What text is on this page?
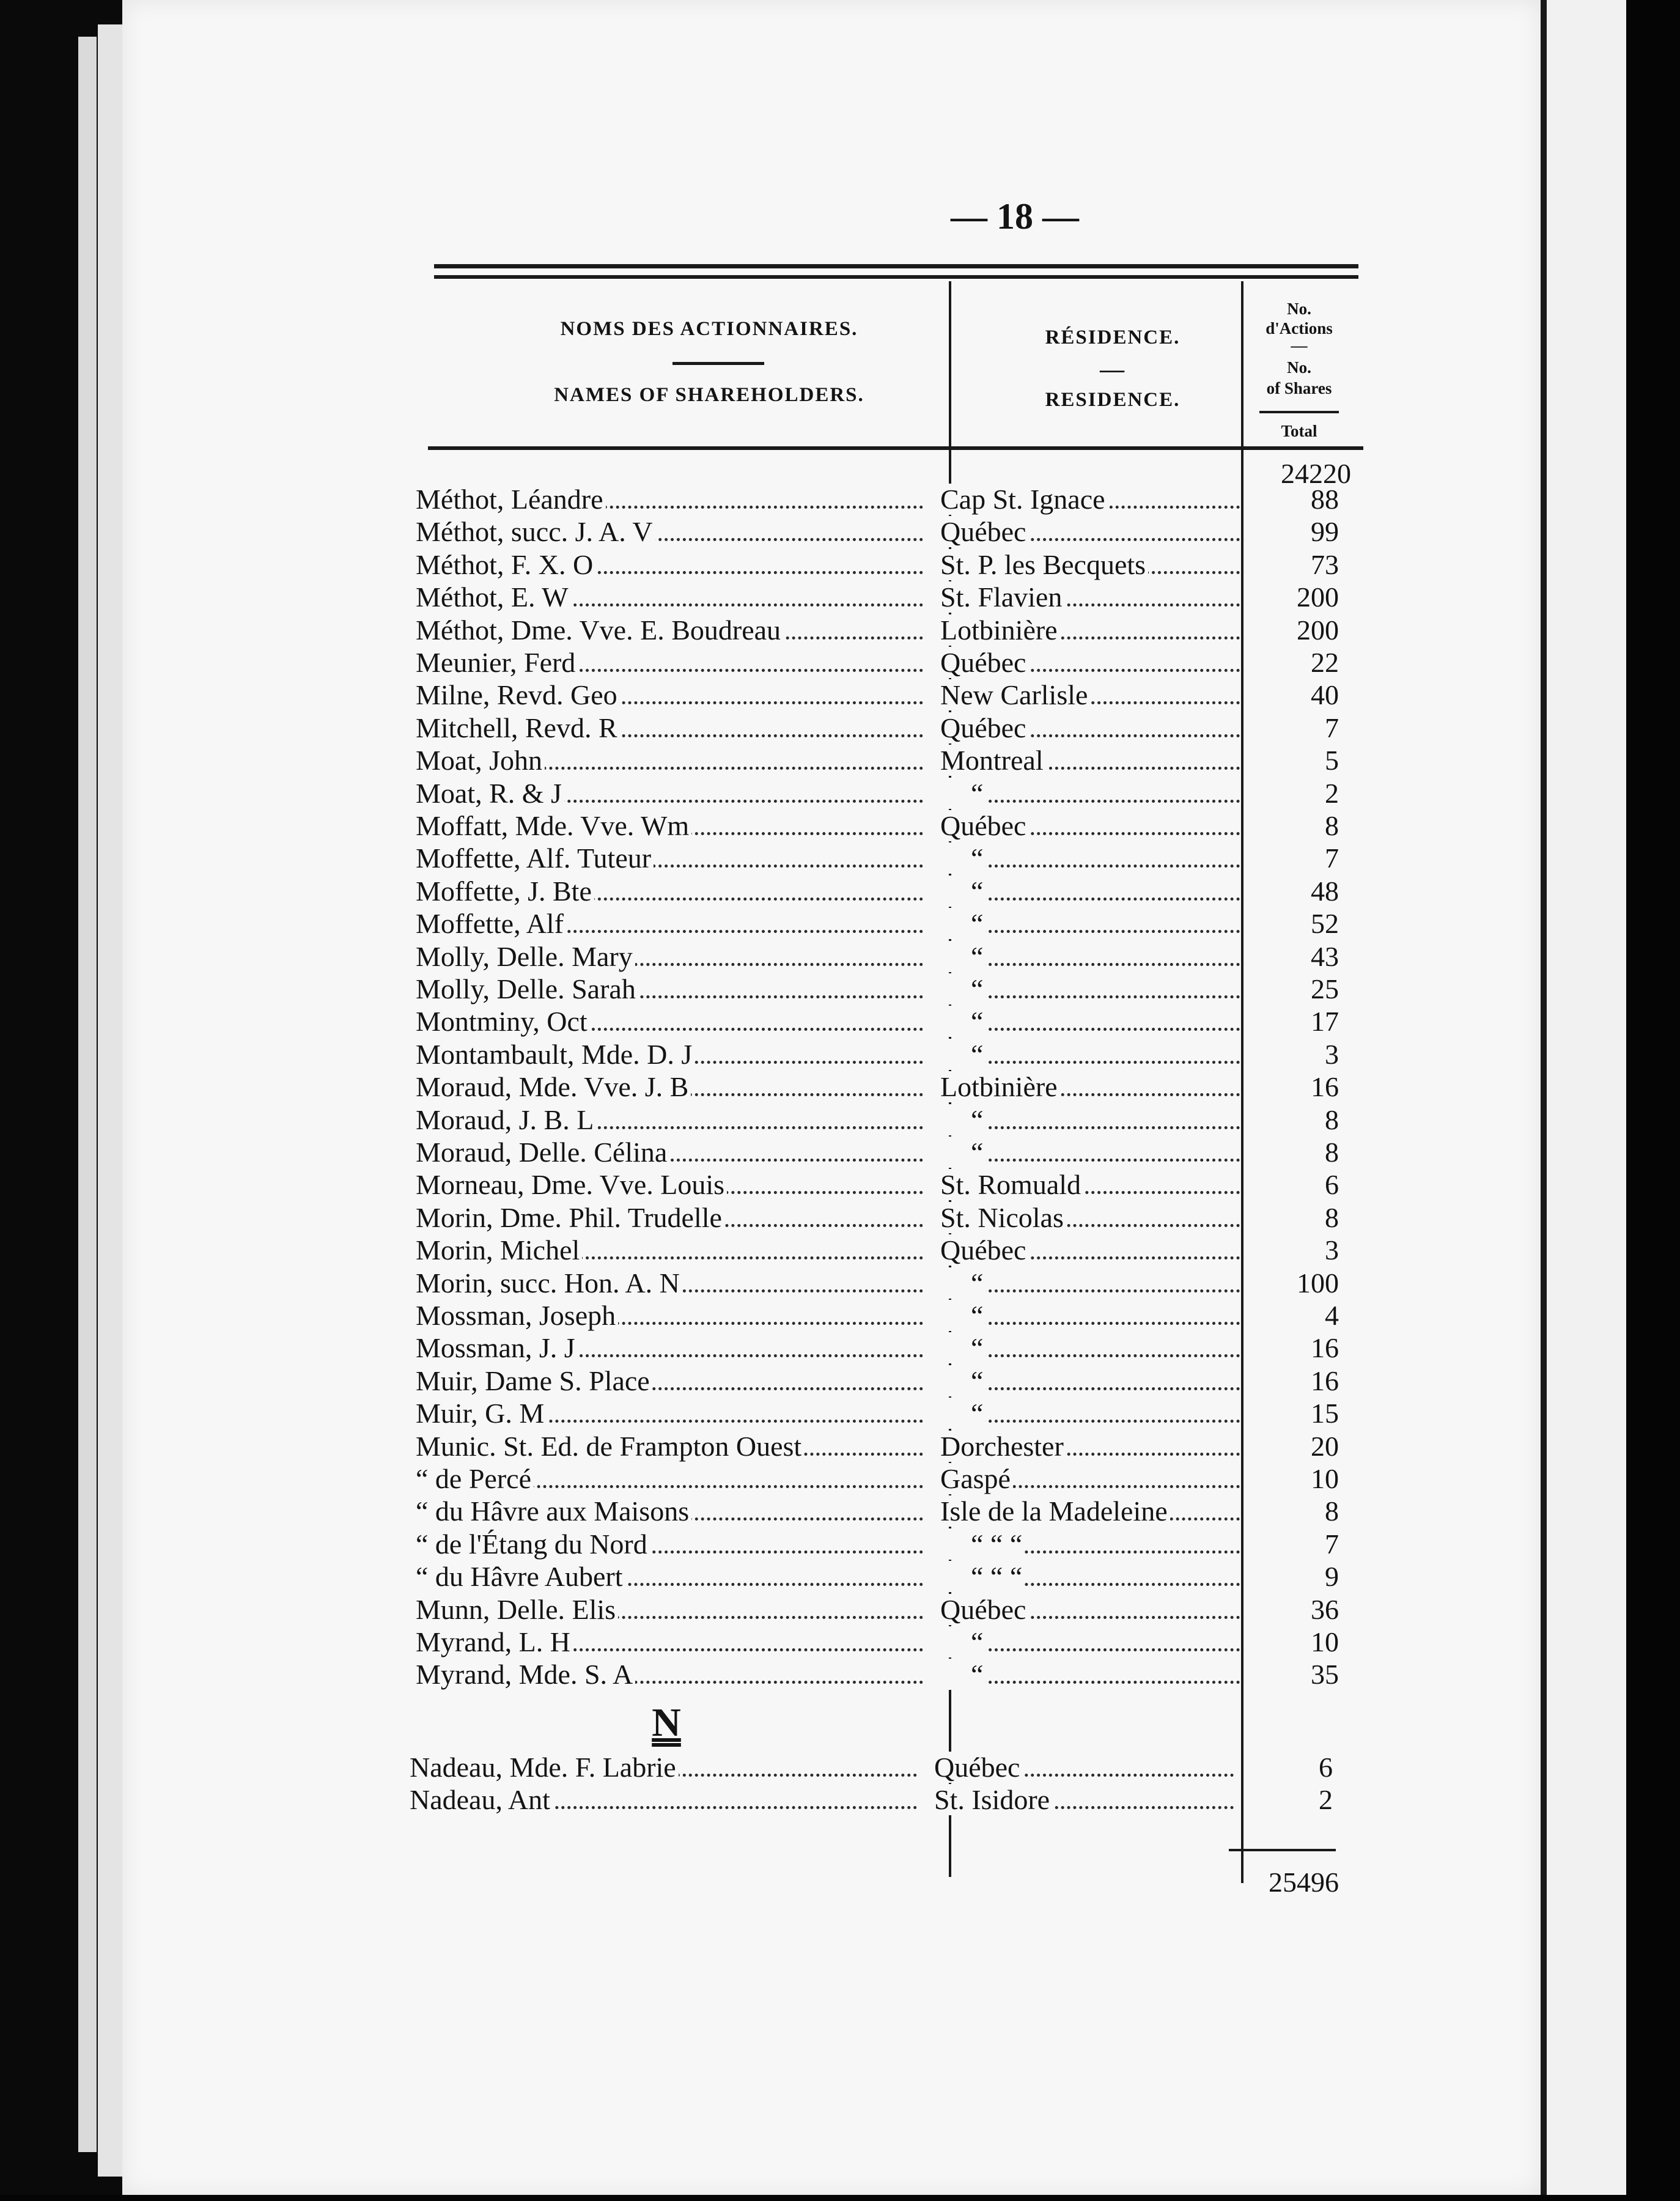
— 18 —
NOMS DES ACTIONNAIRES.
NAMES OF SHAREHOLDERS.
RÉSIDENCE.
—
RESIDENCE.
No.
d'Actions
—
No.
of Shares
Total
24220
Méthot, Léandre	Cap St. Ignace	88
Méthot, succ. J. A. V	Québec	99
Méthot, F. X. O	St. P. les Becquets	73
Méthot, E. W	St. Flavien	200
Méthot, Dme. Vve. E. Boudreau	Lotbinière	200
Meunier, Ferd	Québec	22
Milne, Revd. Geo	New Carlisle	40
Mitchell, Revd. R	Québec	7
Moat, John	Montreal	5
Moat, R. & J	“	2
Moffatt, Mde. Vve. Wm	Québec	8
Moffette, Alf. Tuteur	“	7
Moffette, J. Bte	“	48
Moffette, Alf	“	52
Molly, Delle. Mary	“	43
Molly, Delle. Sarah	“	25
Montminy, Oct	“	17
Montambault, Mde. D. J	“	3
Moraud, Mde. Vve. J. B	Lotbinière	16
Moraud, J. B. L	“	8
Moraud, Delle. Célina	“	8
Morneau, Dme. Vve. Louis	St. Romuald	6
Morin, Dme. Phil. Trudelle	St. Nicolas	8
Morin, Michel	Québec	3
Morin, succ. Hon. A. N	“	100
Mossman, Joseph	“	4
Mossman, J. J	“	16
Muir, Dame S. Place	“	16
Muir, G. M	“	15
Munic. St. Ed. de Frampton Ouest	Dorchester	20
“ de Percé	Gaspé	10
“ du Hâvre aux Maisons	Isle de la Madeleine	8
“ de l'Étang du Nord	“ “ “	7
“ du Hâvre Aubert	“ “ “	9
Munn, Delle. Elis	Québec	36
Myrand, L. H	“	10
Myrand, Mde. S. A	“	35
N
Nadeau, Mde. F. Labrie	Québec	6
Nadeau, Ant	St. Isidore	2
25496
